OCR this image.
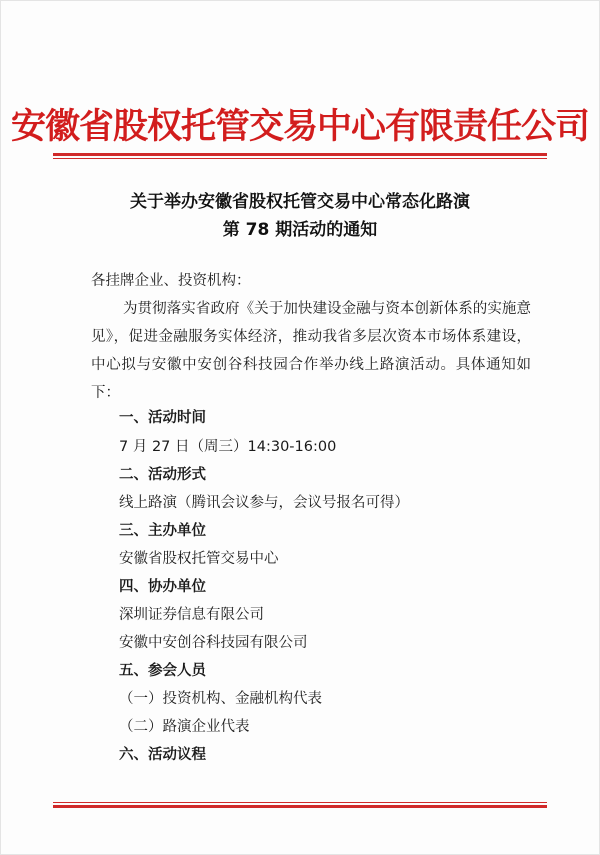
安徽省股权托管交易中心有限责任公司
关于举办安徽省股权托管交易中心常态化路演
第 78 期活动的通知
各挂牌企业、投资机构：
为贯彻落实省政府《关于加快建设金融与资本创新体系的实施意见》，促进金融服务实体经济，推动我省多层次资本市场体系建设，中心拟与安徽中安创谷科技园合作举办线上路演活动。具体通知如下：
一、活动时间
7 月 27 日（周三）14:30-16:00
二、活动形式
线上路演（腾讯会议参与，会议号报名可得）
三、主办单位
安徽省股权托管交易中心
四、协办单位
深圳证券信息有限公司
安徽中安创谷科技园有限公司
五、参会人员
（一）投资机构、金融机构代表
（二）路演企业代表
六、活动议程
